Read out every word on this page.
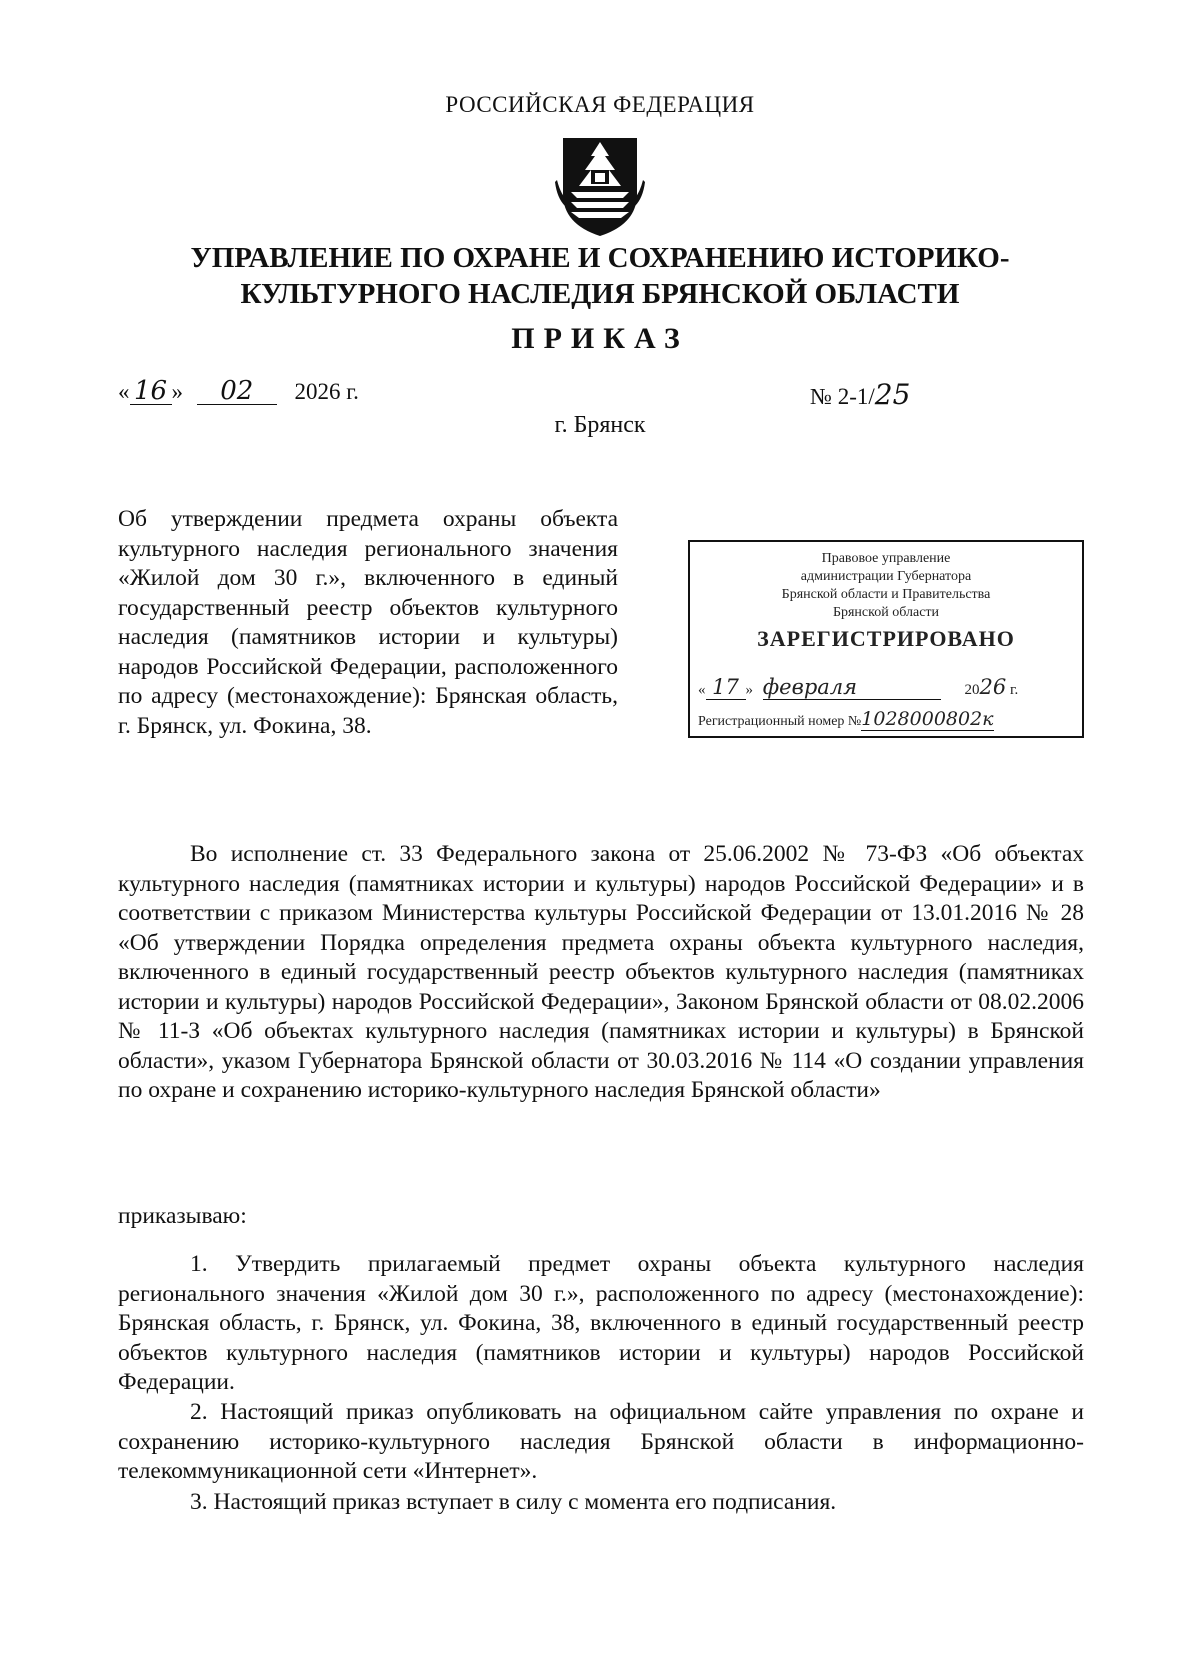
РОССИЙСКАЯ ФЕДЕРАЦИЯ
УПРАВЛЕНИЕ ПО ОХРАНЕ И СОХРАНЕНИЮ ИСТОРИКО-
КУЛЬТУРНОГО НАСЛЕДИЯ БРЯНСКОЙ ОБЛАСТИ
ПРИКАЗ
« 16 » 02 2026 г.	№ 2-1/25
г. Брянск
Об утверждении предмета охраны объекта культурного наследия регионального значения «Жилой дом 30 г.», включенного в единый государственный реестр объектов культурного наследия (памятников истории и культуры) народов Российской Федерации, расположенного по адресу (местонахождение): Брянская область, г. Брянск, ул. Фокина, 38.
Правовое управление
администрации Губернатора
Брянской области и Правительства
Брянской области
ЗАРЕГИСТРИРОВАНО
« 17 » февраля	2026 г.
Регистрационный номер №1028000802к
Во исполнение ст. 33 Федерального закона от 25.06.2002 № 73-ФЗ «Об объектах культурного наследия (памятниках истории и культуры) народов Российской Федерации» и в соответствии с приказом Министерства культуры Российской Федерации от 13.01.2016 № 28 «Об утверждении Порядка определения предмета охраны объекта культурного наследия, включенного в единый государственный реестр объектов культурного наследия (памятниках истории и культуры) народов Российской Федерации», Законом Брянской области от 08.02.2006 № 11-З «Об объектах культурного наследия (памятниках истории и культуры) в Брянской области», указом Губернатора Брянской области от 30.03.2016 № 114 «О создании управления по охране и сохранению историко-культурного наследия Брянской области»
приказываю:
1. Утвердить прилагаемый предмет охраны объекта культурного наследия регионального значения «Жилой дом 30 г.», расположенного по адресу (местонахождение): Брянская область, г. Брянск, ул. Фокина, 38, включенного в единый государственный реестр объектов культурного наследия (памятников истории и культуры) народов Российской Федерации.
2. Настоящий приказ опубликовать на официальном сайте управления по охране и сохранению историко-культурного наследия Брянской области в информационно-телекоммуникационной сети «Интернет».
3. Настоящий приказ вступает в силу с момента его подписания.
